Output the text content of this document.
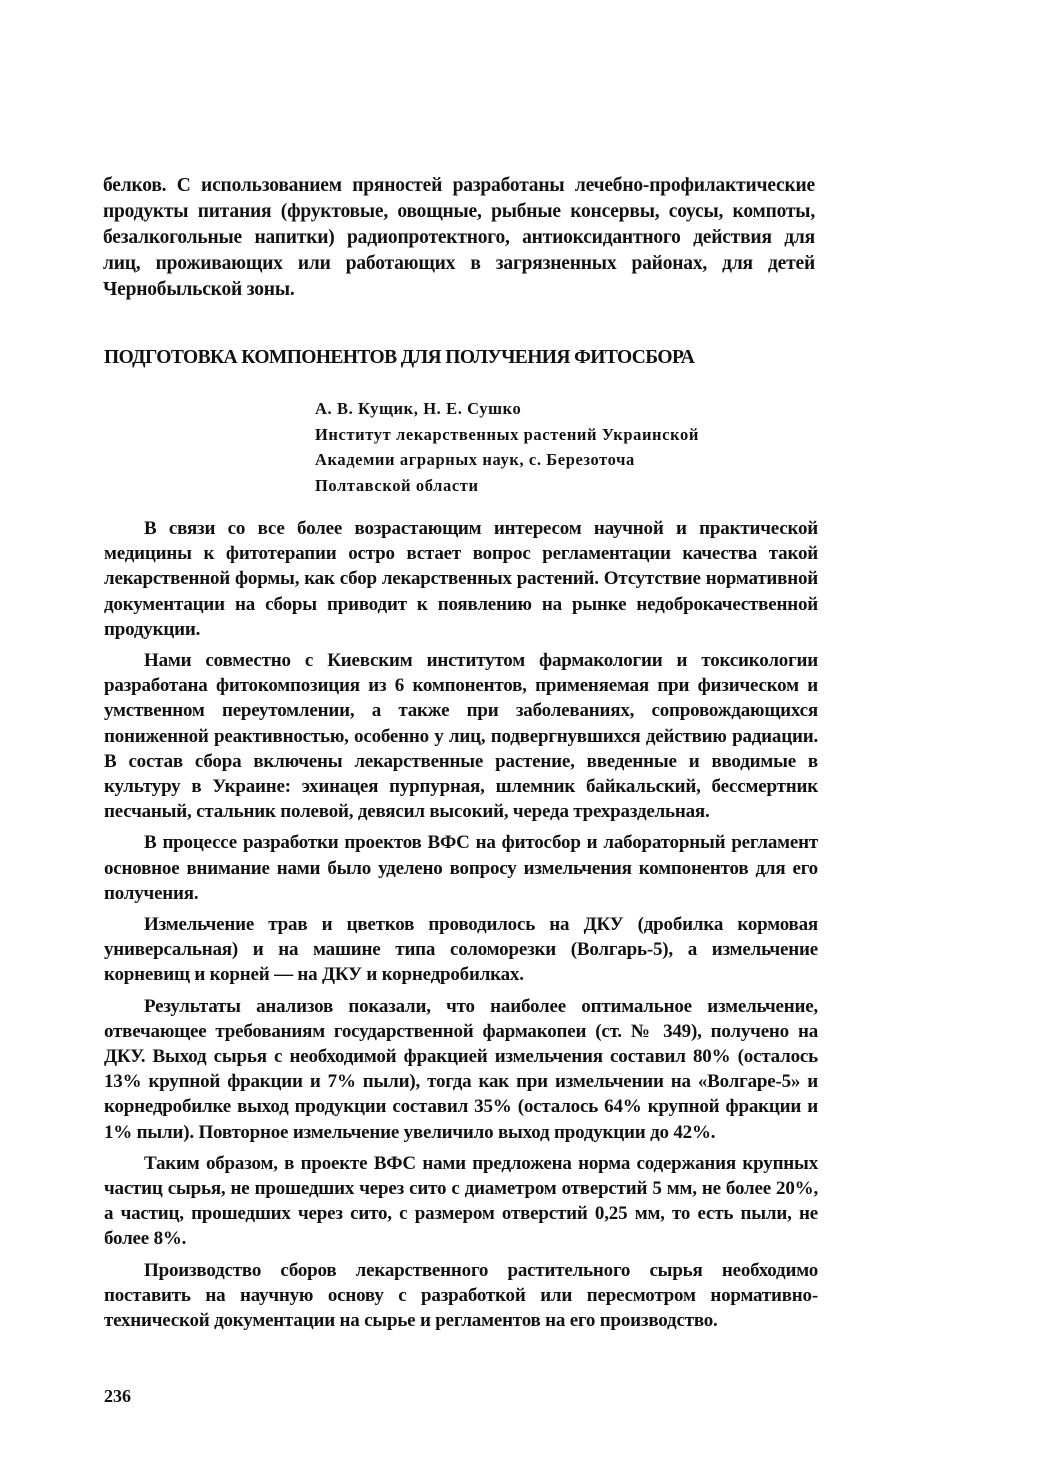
белков. С использованием пряностей разработаны лечебно-профилактические продукты питания (фруктовые, овощные, рыбные консервы, соусы, компоты, безалкогольные напитки) радиопротектного, антиоксидантного действия для лиц, проживающих или работающих в загрязненных районах, для детей Чернобыльской зоны.
ПОДГОТОВКА КОМПОНЕНТОВ ДЛЯ ПОЛУЧЕНИЯ ФИТОСБОРА
А. В. Кущик, Н. Е. Сушко
Институт лекарственных растений Украинской
Академии аграрных наук, с. Березоточа
Полтавской области

В связи со все более возрастающим интересом научной и практической медицины к фитотерапии остро встает вопрос регламентации качества такой лекарственной формы, как сбор лекарственных растений. Отсутствие нормативной документации на сборы приводит к появлению на рынке недоброкачественной продукции.

Нами совместно с Киевским институтом фармакологии и токсикологии разработана фитокомпозиция из 6 компонентов, применяемая при физическом и умственном переутомлении, а также при заболеваниях, сопровождающихся пониженной реактивностью, особенно у лиц, подвергнувшихся действию радиации. В состав сбора включены лекарственные растение, введенные и вводимые в культуру в Украине: эхинацея пурпурная, шлемник байкальский, бессмертник песчаный, стальник полевой, девясил высокий, череда трехраздельная.

В процессе разработки проектов ВФС на фитосбор и лабораторный регламент основное внимание нами было уделено вопросу измельчения компонентов для его получения.

Измельчение трав и цветков проводилось на ДКУ (дробилка кормовая универсальная) и на машине типа соломорезки (Волгарь-5), а измельчение корневищ и корней — на ДКУ и корнедробилках.

Результаты анализов показали, что наиболее оптимальное измельчение, отвечающее требованиям государственной фармакопеи (ст. № 349), получено на ДКУ. Выход сырья с необходимой фракцией измельчения составил 80% (осталось 13% крупной фракции и 7% пыли), тогда как при измельчении на «Волгаре-5» и корнедробилке выход продукции составил 35% (осталось 64% крупной фракции и 1% пыли). Повторное измельчение увеличило выход продукции до 42%.

Таким образом, в проекте ВФС нами предложена норма содержания крупных частиц сырья, не прошедших через сито с диаметром отверстий 5 мм, не более 20%, а частиц, прошедших через сито, с размером отверстий 0,25 мм, то есть пыли, не более 8%.

Производство сборов лекарственного растительного сырья необходимо поставить на научную основу с разработкой или пересмотром нормативно-технической документации на сырье и регламентов на его производство.

236
